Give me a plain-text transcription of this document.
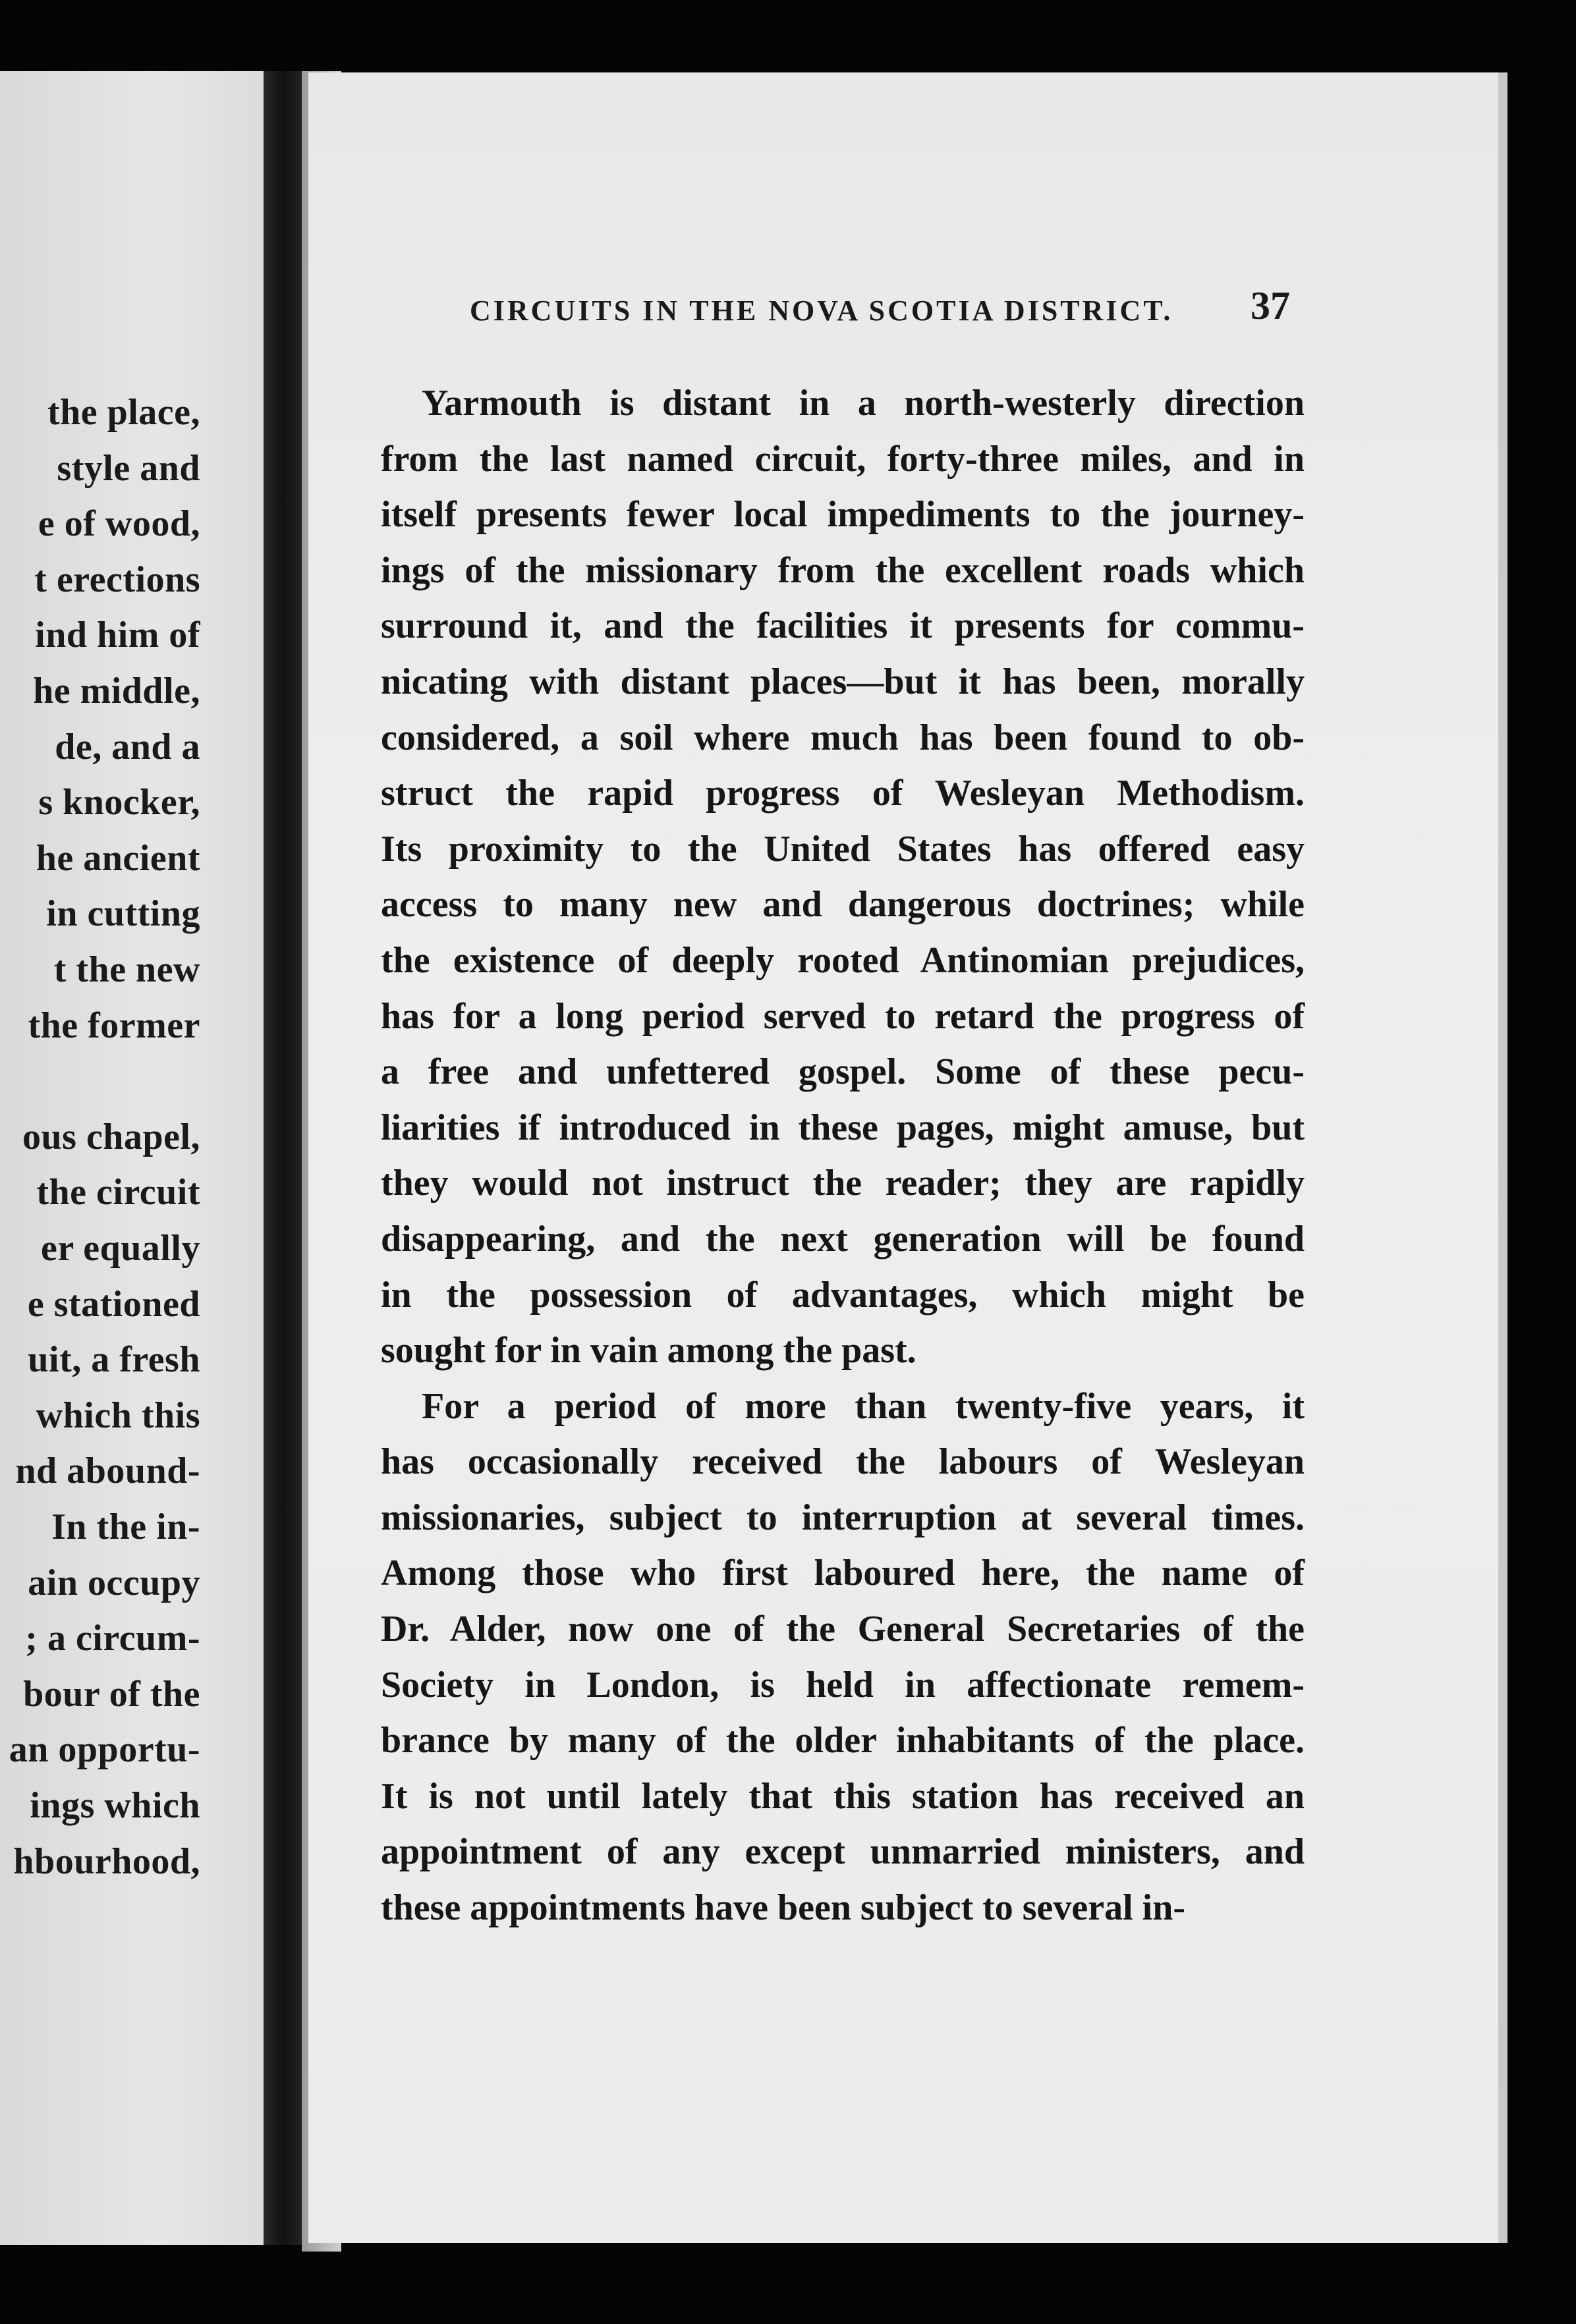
the place,
style and
e of wood,
t erections
ind him of
he middle,
de, and a
s knocker,
he ancient
in cutting
t the new
the former
ous chapel,
the circuit
er equally
e stationed
uit, a fresh
which this
nd abound-
In the in-
ain occupy
; a circum-
bour of the
an opportu-
ings which
hbourhood,
CIRCUITS IN THE NOVA SCOTIA DISTRICT. 37
Yarmouth is distant in a north-westerly direction
from the last named circuit, forty-three miles, and in
itself presents fewer local impediments to the journey-
ings of the missionary from the excellent roads which
surround it, and the facilities it presents for commu-
nicating with distant places—but it has been, morally
considered, a soil where much has been found to ob-
struct the rapid progress of Wesleyan Methodism.
Its proximity to the United States has offered easy
access to many new and dangerous doctrines; while
the existence of deeply rooted Antinomian prejudices,
has for a long period served to retard the progress of
a free and unfettered gospel. Some of these pecu-
liarities if introduced in these pages, might amuse, but
they would not instruct the reader; they are rapidly
disappearing, and the next generation will be found
in the possession of advantages, which might be
sought for in vain among the past.
For a period of more than twenty-five years, it
has occasionally received the labours of Wesleyan
missionaries, subject to interruption at several times.
Among those who first laboured here, the name of
Dr. Alder, now one of the General Secretaries of the
Society in London, is held in affectionate remem-
brance by many of the older inhabitants of the place.
It is not until lately that this station has received an
appointment of any except unmarried ministers, and
these appointments have been subject to several in-
